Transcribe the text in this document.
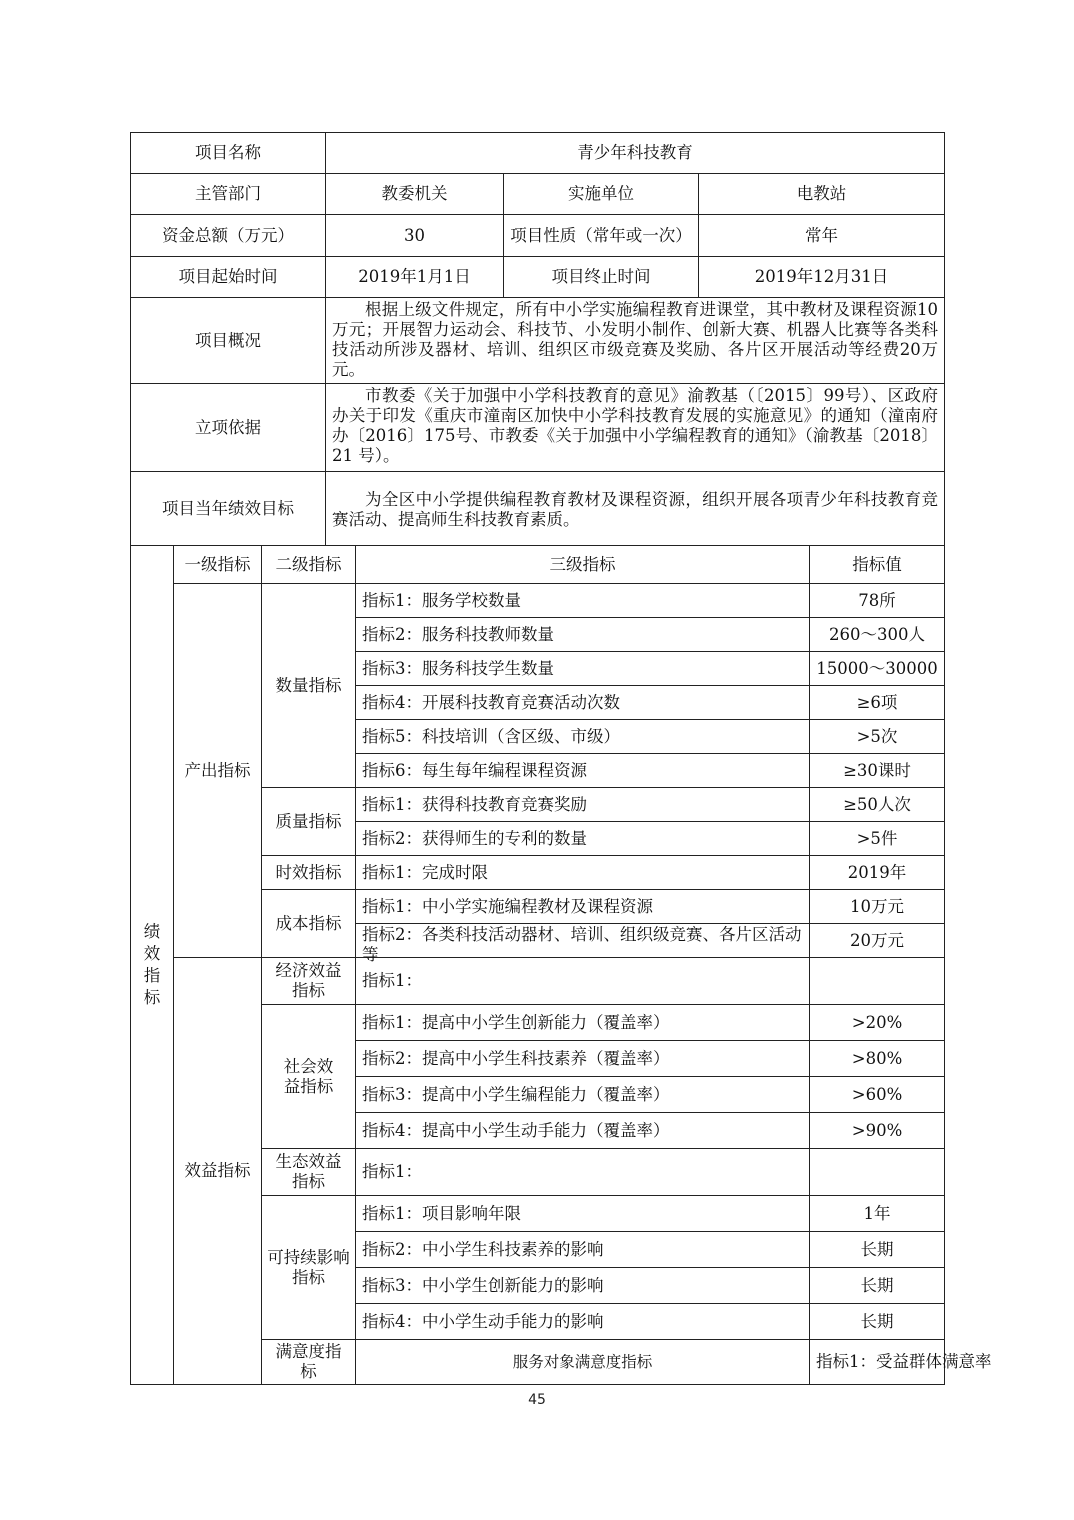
项目名称	青少年科技教育		
主管部门	教委机关	实施单位	电教站
资金总额（万元）	30	项目性质（常年或一次）	常年
项目起始时间	2019年1月1日	项目终止时间	2019年12月31日
项目概况	根据上级文件规定，所有中小学实施编程教育进课堂，其中教材及课程资源10万元；开展智力运动会、科技节、小发明小制作、创新大赛、机器人比赛等各类科技活动所涉及器材、培训、组织区市级竞赛及奖励、各片区开展活动等经费20万元。		

立项依据	市教委《关于加强中小学科技教育的意见》渝教基（〔2015〕99号）、区政府办关于印发《重庆市潼南区加快中小学科技教育发展的实施意见》的通知（潼南府办〔2016〕175号、市教委《关于加强中小学编程教育的通知》（渝教基〔2018〕21 号）。		

项目当年绩效目标	为全区中小学提供编程教育教材及课程资源，组织开展各项青少年科技教育竞赛活动、提高师生科技教育素质。		
绩效指标	一级指标	二级指标	三级指标	指标值	
	产出指标	数量指标	指标1：服务学校数量	78所	
			指标2：服务科技教师数量	260～300人	
			指标3：服务科技学生数量	15000～30000	
			指标4：开展科技教育竞赛活动次数	≥6项	
			指标5：科技培训（含区级、市级）	>5次	
			指标6：每生每年编程课程资源	≥30课时	
		质量指标	指标1：获得科技教育竞赛奖励	≥50人次	
			指标2：获得师生的专利的数量	>5件	
		时效指标	指标1：完成时限	2019年	
		成本指标	指标1：中小学实施编程教材及课程资源	10万元	

			指标2：各类科技活动器材、培训、组织级竞赛、各片区活动等	20万元	
	效益指标	经济效益指标	指标1：		
		社会效益指标	指标1：提高中小学生创新能力（覆盖率）	>20%	
			指标2：提高中小学生科技素养（覆盖率）	>80%	
			指标3：提高中小学生编程能力（覆盖率）	>60%	
			指标4：提高中小学生动手能力（覆盖率）	>90%	
		生态效益指标	指标1：		
		可持续影响指标	指标1：项目影响年限	1年	
			指标2：中小学生科技素养的影响	长期	
			指标3：中小学生创新能力的影响	长期	
			指标4：中小学生动手能力的影响	长期	
		满意度指标	服务对象满意度指标	指标1：受益群体满意率	
45
